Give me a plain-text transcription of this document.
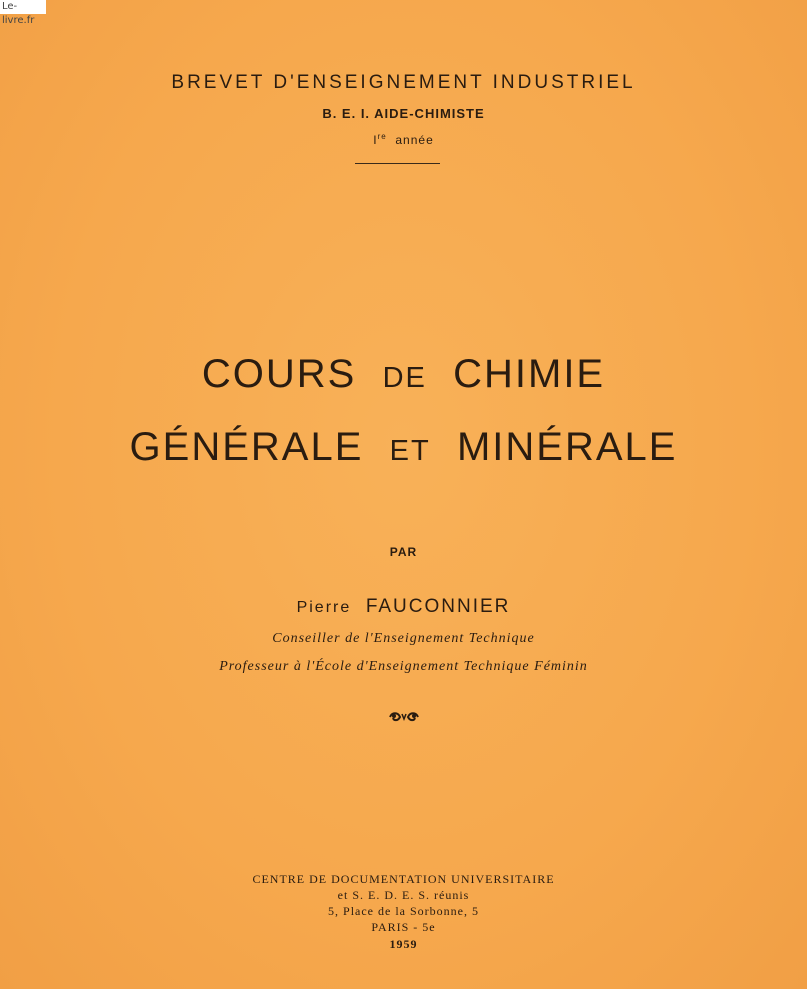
Le-livre.fr
BREVET D'ENSEIGNEMENT INDUSTRIEL
B. E. I. AIDE-CHIMISTE
Ire année
COURS DE CHIMIE
GÉNÉRALE ET MINÉRALE
PAR
Pierre FAUCONNIER
Conseiller de l'Enseignement Technique
Professeur à l'École d'Enseignement Technique Féminin
CENTRE DE DOCUMENTATION UNIVERSITAIRE
et S. E. D. E. S. réunis
5, Place de la Sorbonne, 5
PARIS - 5e
1959
